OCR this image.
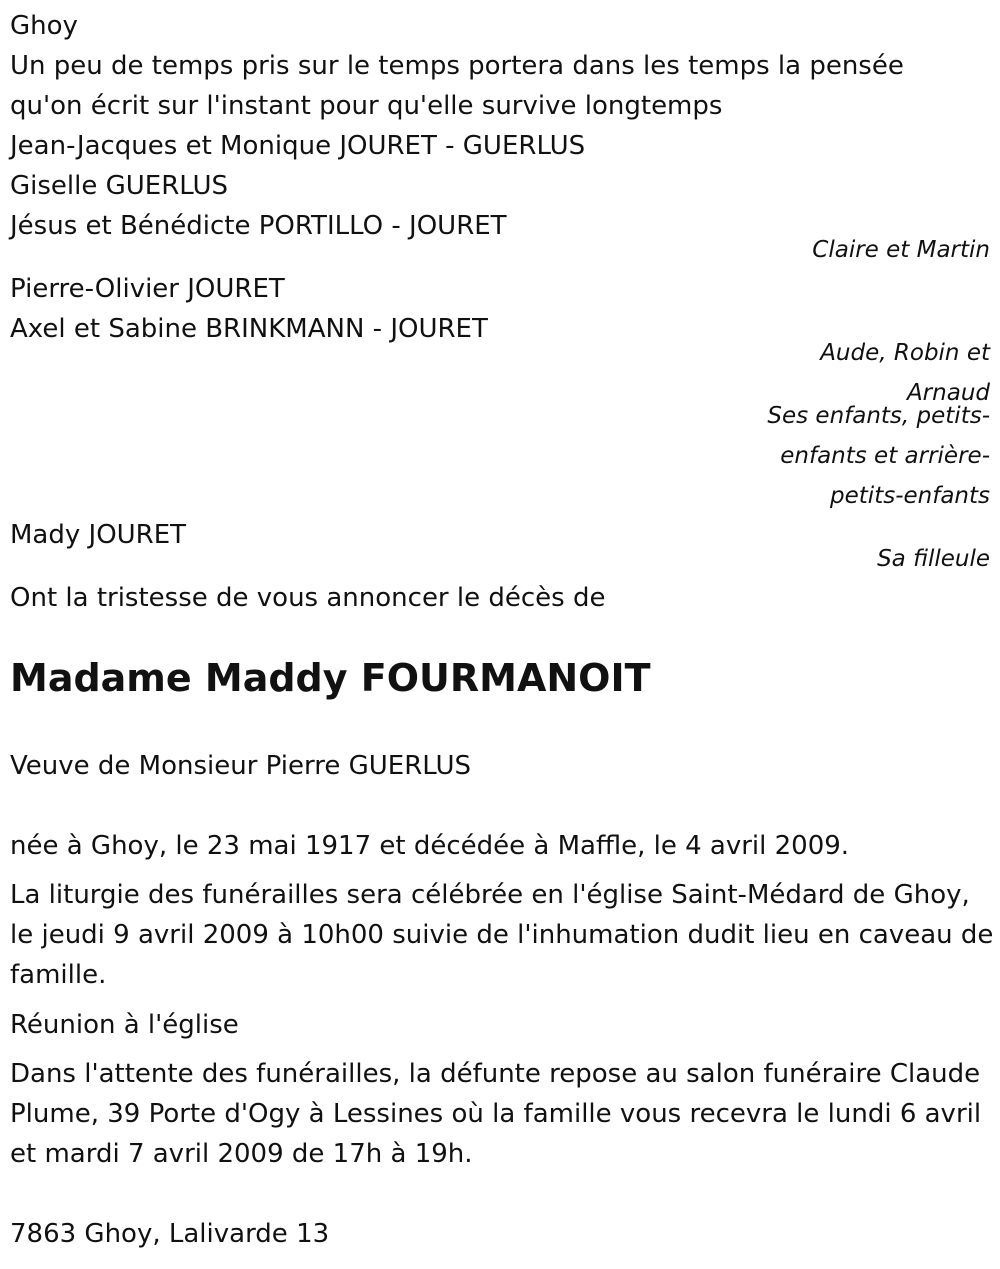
Ghoy
Un peu de temps pris sur le temps portera dans les temps la pensée
qu'on écrit sur l'instant pour qu'elle survive longtemps
Jean-Jacques et Monique JOURET - GUERLUS
Giselle GUERLUS
Jésus et Bénédicte PORTILLO - JOURET
Claire et Martin
Pierre-Olivier JOURET
Axel et Sabine BRINKMANN - JOURET
Aude, Robin et
Arnaud
Ses enfants, petits-
enfants et arrière-
petits-enfants
Mady JOURET
Sa filleule
Ont la tristesse de vous annoncer le décès de
Madame Maddy FOURMANOIT
Veuve de Monsieur Pierre GUERLUS
née à Ghoy, le 23 mai 1917 et décédée à Maffle, le 4 avril 2009.
La liturgie des funérailles sera célébrée en l'église Saint-Médard de Ghoy, le jeudi 9 avril 2009 à 10h00 suivie de l'inhumation dudit lieu en caveau de famille.
Réunion à l'église
Dans l'attente des funérailles, la défunte repose au salon funéraire Claude Plume, 39 Porte d'Ogy à Lessines où la famille vous recevra le lundi 6 avril et mardi 7 avril 2009 de 17h à 19h.
7863 Ghoy, Lalivarde 13
